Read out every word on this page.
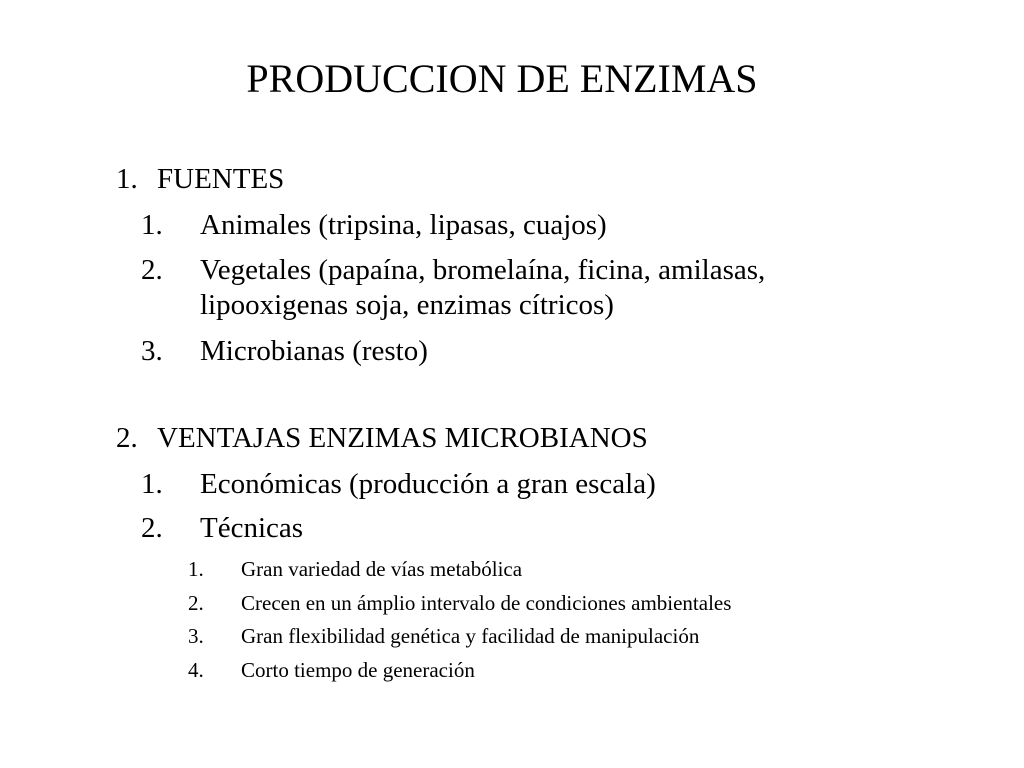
PRODUCCION DE ENZIMAS
1. FUENTES
1. Animales (tripsina, lipasas, cuajos)
2. Vegetales (papaína, bromelaína, ficina, amilasas,
lipooxigenas soja, enzimas cítricos)
3. Microbianas (resto)
2. VENTAJAS ENZIMAS MICROBIANOS
1. Económicas (producción a gran escala)
2. Técnicas
1. Gran variedad de vías metabólica
2. Crecen en un ámplio intervalo de condiciones ambientales
3. Gran flexibilidad genética y facilidad de manipulación
4. Corto tiempo de generación
